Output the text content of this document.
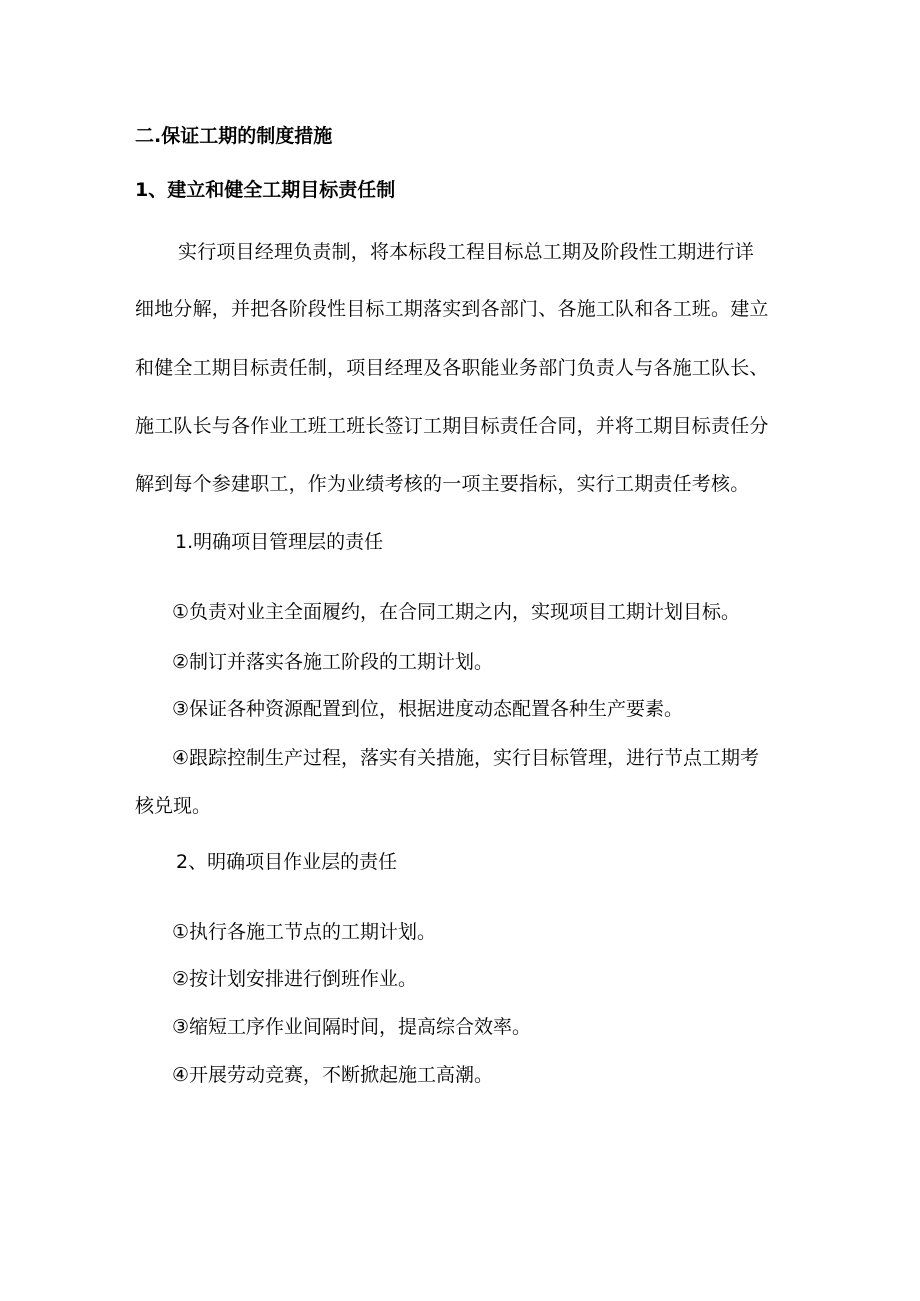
二.保证工期的制度措施
1、建立和健全工期目标责任制
实行项目经理负责制，将本标段工程目标总工期及阶段性工期进行详
细地分解，并把各阶段性目标工期落实到各部门、各施工队和各工班。建立
和健全工期目标责任制，项目经理及各职能业务部门负责人与各施工队长、
施工队长与各作业工班工班长签订工期目标责任合同，并将工期目标责任分
解到每个参建职工，作为业绩考核的一项主要指标，实行工期责任考核。
1.明确项目管理层的责任
①负责对业主全面履约，在合同工期之内，实现项目工期计划目标。
②制订并落实各施工阶段的工期计划。
③保证各种资源配置到位，根据进度动态配置各种生产要素。
④跟踪控制生产过程，落实有关措施，实行目标管理，进行节点工期考
核兑现。
2、明确项目作业层的责任
①执行各施工节点的工期计划。
②按计划安排进行倒班作业。
③缩短工序作业间隔时间，提高综合效率。
④开展劳动竞赛，不断掀起施工高潮。
